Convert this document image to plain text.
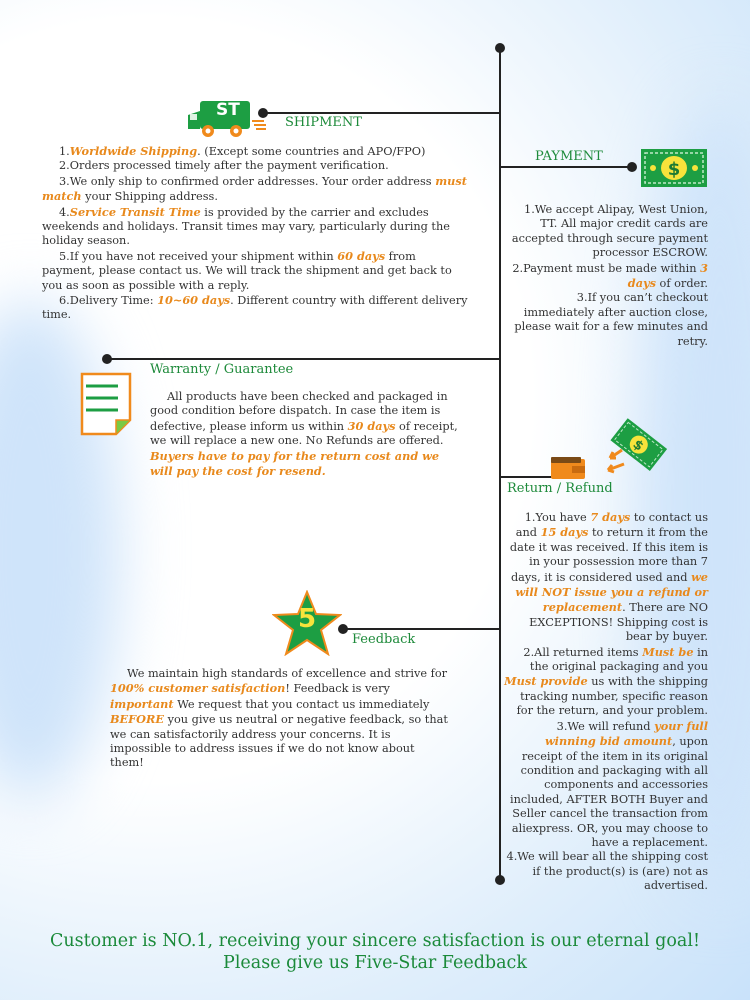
ST
SHIPMENT

1.Worldwide Shipping. (Except some countries and APO/FPO)

2.Orders processed timely after the payment verification.

3.We only ship to confirmed order addresses. Your order address must match your Shipping address.

4.Service Transit Time is provided by the carrier and excludes weekends and holidays. Transit times may vary, particularly during the holiday season.

5.If you have not received your shipment within 60 days from payment, please contact us. We will track the shipment and get back to you as soon as possible with a reply.

6.Delivery Time: 10~60 days. Different country with different delivery time.

PAYMENT
$

1.We accept Alipay, West Union, TT. All major credit cards are accepted through secure payment processor ESCROW.

2.Payment must be made within 3 days of order.

3.If you can’t checkout immediately after auction close, please wait for a few minutes and retry.

Warranty / Guarantee

All products have been checked and packaged in good condition before dispatch. In case the item is defective, please inform us within 30 days of receipt, we will replace a new one. No Refunds are offered. Buyers have to pay for the return cost and we will pay the cost for resend.

$
Return / Refund

1.You have 7 days to contact us and 15 days to return it from the date it was received. If this item is in your possession more than 7 days, it is considered used and we will NOT issue you a refund or replacement. There are NO EXCEPTIONS! Shipping cost is bear by buyer.

2.All returned items Must be in the original packaging and you Must provide us with the shipping tracking number, specific reason for the return, and your problem.

3.We will refund your full winning bid amount, upon receipt of the item in its original condition and packaging with all components and accessories included, AFTER BOTH Buyer and Seller cancel the transaction from aliexpress. OR, you may choose to have a replacement.

4.We will bear all the shipping cost if the product(s) is (are) not as advertised.

5
Feedback

We maintain high standards of excellence and strive for 100% customer satisfaction! Feedback is very important We request that you contact us immediately BEFORE you give us neutral or negative feedback, so that we can satisfactorily address your concerns. It is impossible to address issues if we do not know about them!

Customer is NO.1, receiving your sincere satisfaction is our eternal goal!
Please give us Five-Star Feedback
